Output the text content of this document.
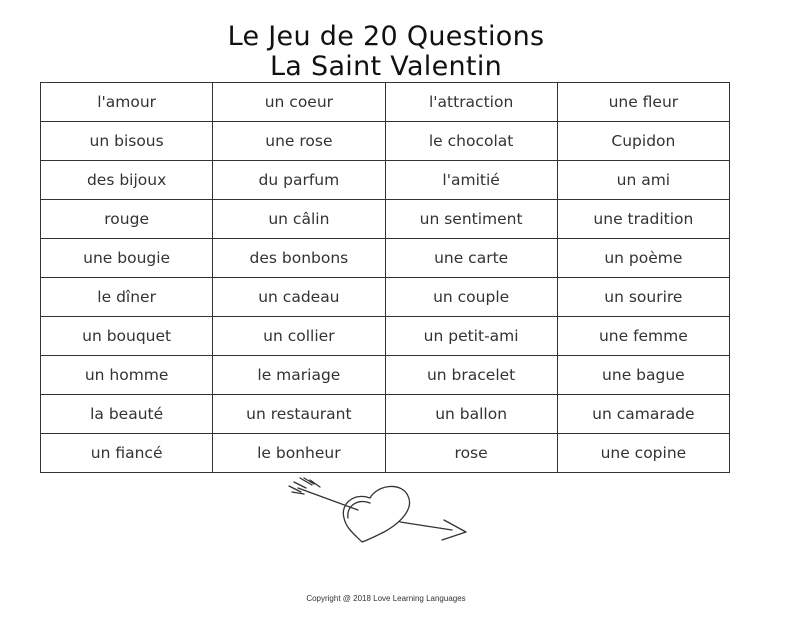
Le Jeu de 20 Questions
La Saint Valentin
l'amour	un coeur	l'attraction	une fleur
un bisous	une rose	le chocolat	Cupidon
des bijoux	du parfum	l'amitié	un ami
rouge	un câlin	un sentiment	une tradition
une bougie	des bonbons	une carte	un poème
le dîner	un cadeau	un couple	un sourire
un bouquet	un collier	un petit-ami	une femme
un homme	le mariage	un bracelet	une bague
la beauté	un restaurant	un ballon	un camarade
un fiancé	le bonheur	rose	une copine
Copyright @ 2018 Love Learning Languages
